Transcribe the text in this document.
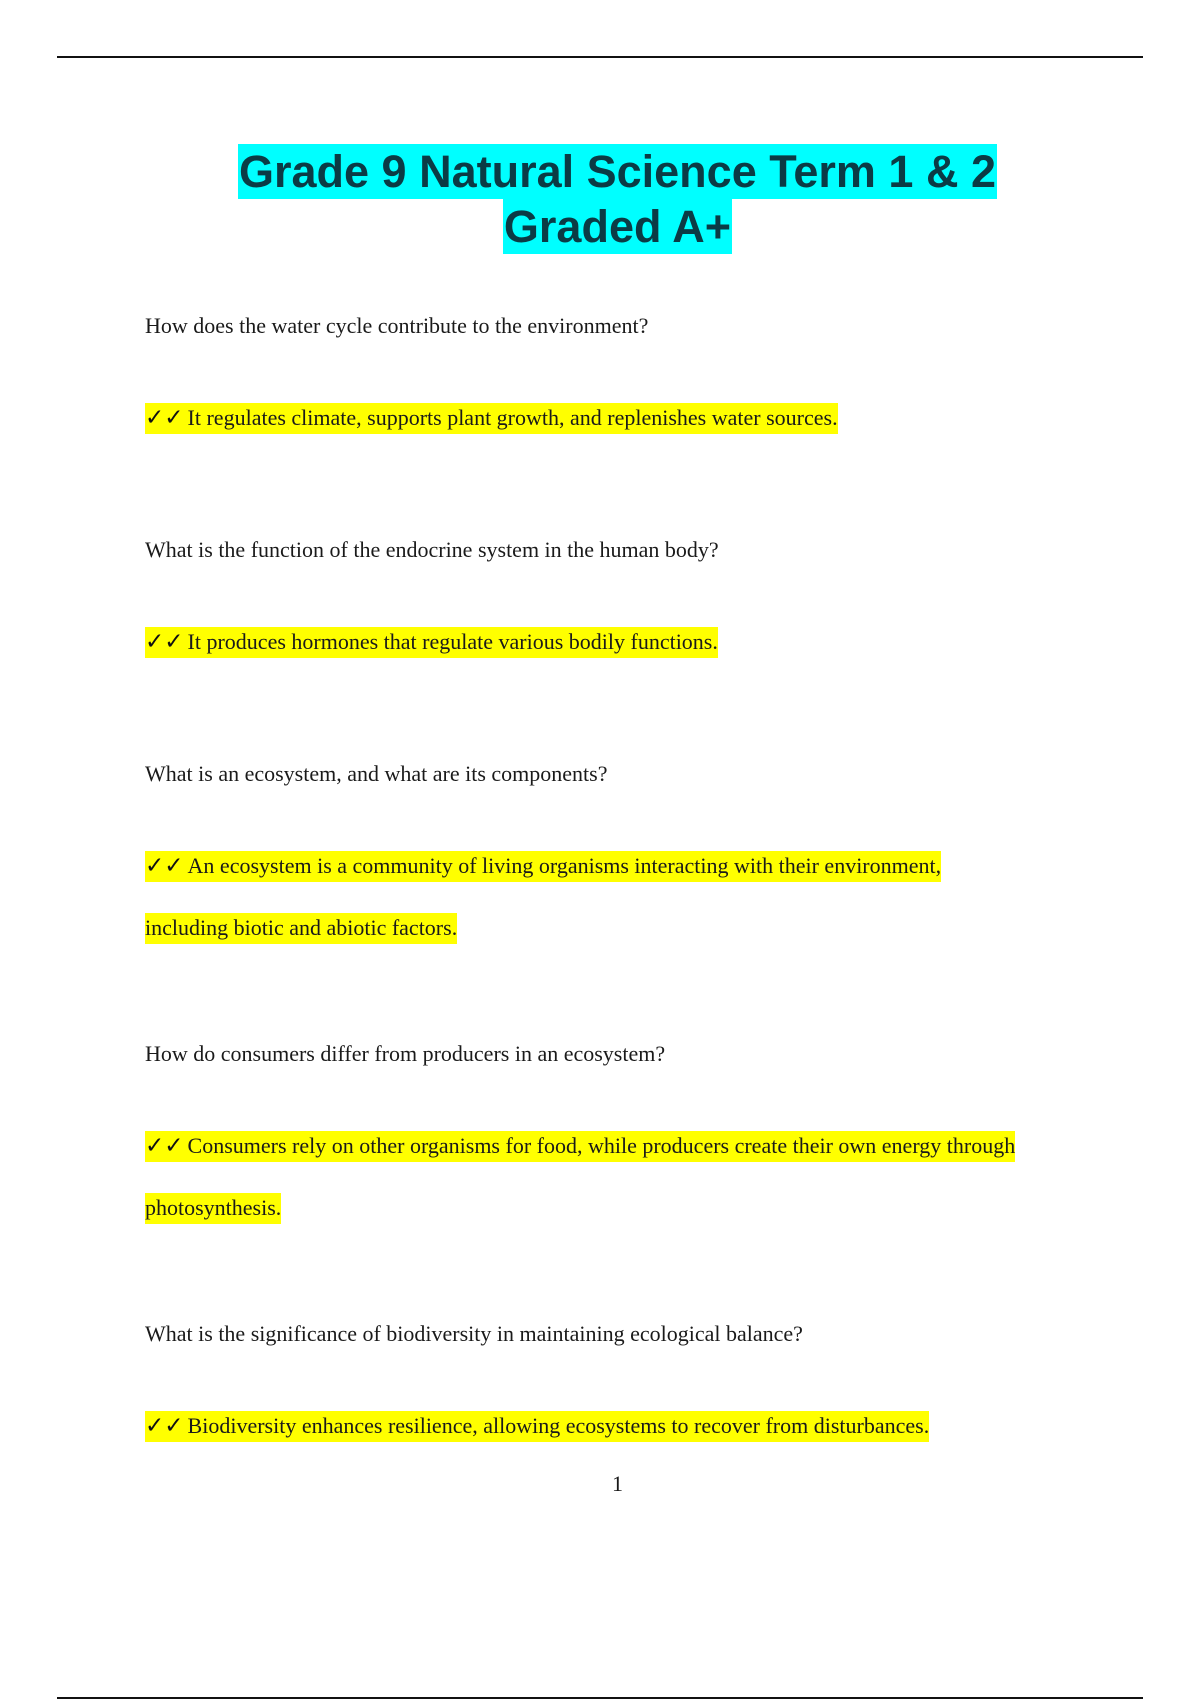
Grade 9 Natural Science Term 1 & 2
Graded A+

How does the water cycle contribute to the environment?

✓✓ It regulates climate, supports plant growth, and replenishes water sources.

What is the function of the endocrine system in the human body?

✓✓ It produces hormones that regulate various bodily functions.

What is an ecosystem, and what are its components?

✓✓ An ecosystem is a community of living organisms interacting with their environment, including biotic and abiotic factors.

How do consumers differ from producers in an ecosystem?

✓✓ Consumers rely on other organisms for food, while producers create their own energy through photosynthesis.

What is the significance of biodiversity in maintaining ecological balance?

✓✓ Biodiversity enhances resilience, allowing ecosystems to recover from disturbances.

1
